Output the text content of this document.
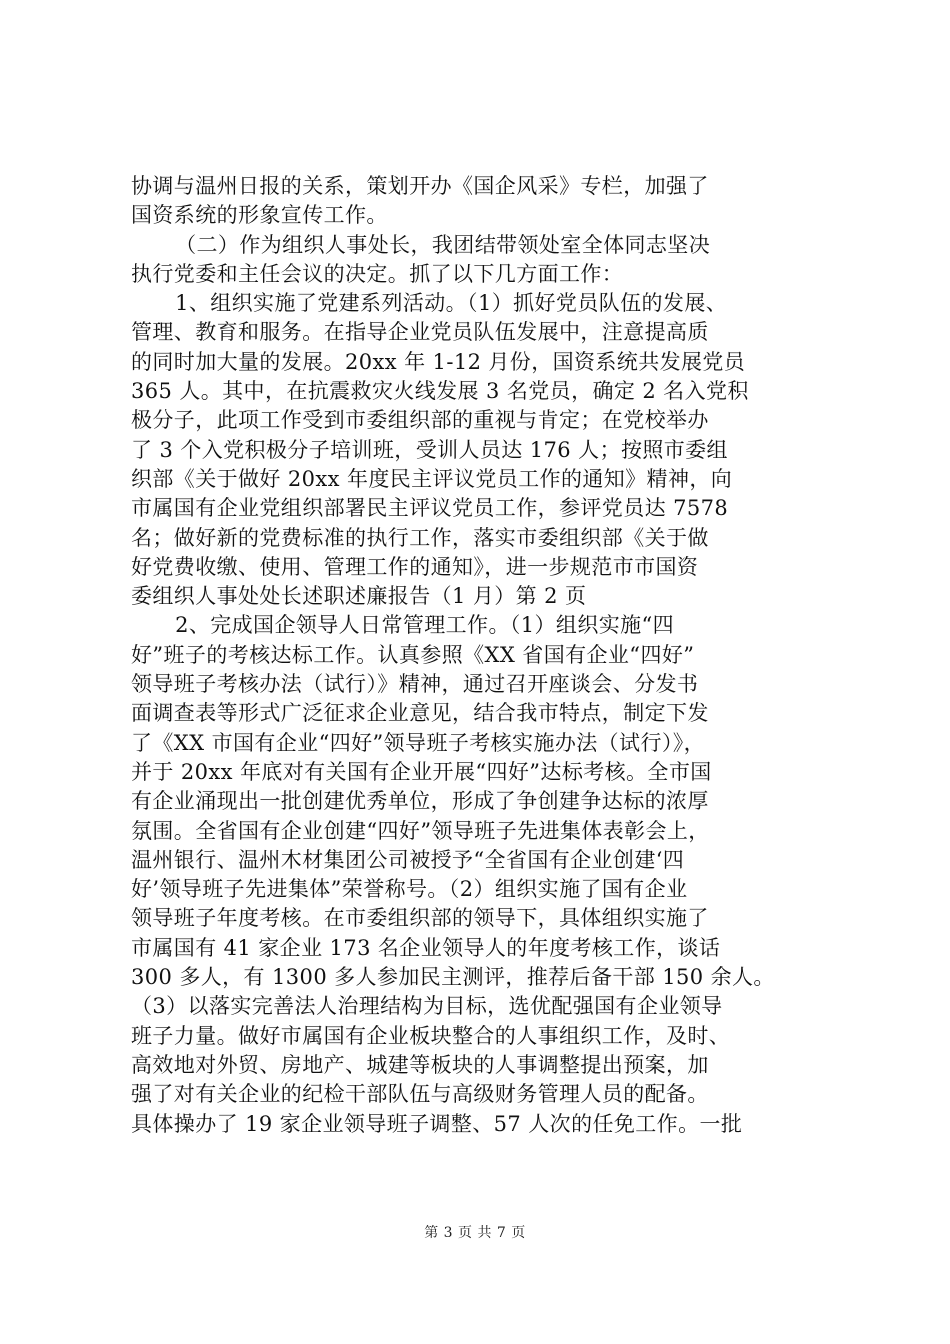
协调与温州日报的关系，策划开办《国企风采》专栏，加强了
国资系统的形象宣传工作。
（二）作为组织人事处长，我团结带领处室全体同志坚决
执行党委和主任会议的决定。抓了以下几方面工作：
1、组织实施了党建系列活动。（1）抓好党员队伍的发展、
管理、教育和服务。在指导企业党员队伍发展中，注意提高质
的同时加大量的发展。20xx 年 1-12 月份，国资系统共发展党员
365 人。其中，在抗震救灾火线发展 3 名党员，确定 2 名入党积
极分子，此项工作受到市委组织部的重视与肯定；在党校举办
了 3 个入党积极分子培训班，受训人员达 176 人；按照市委组
织部《关于做好 20xx 年度民主评议党员工作的通知》精神，向
市属国有企业党组织部署民主评议党员工作，参评党员达 7578
名；做好新的党费标准的执行工作，落实市委组织部《关于做
好党费收缴、使用、管理工作的通知》，进一步规范市市国资
委组织人事处处长述职述廉报告（1 月）第 2 页
2、完成国企领导人日常管理工作。（1）组织实施“四
好”班子的考核达标工作。认真参照《XX 省国有企业“四好”
领导班子考核办法（试行）》精神，通过召开座谈会、分发书
面调查表等形式广泛征求企业意见，结合我市特点，制定下发
了《XX 市国有企业“四好”领导班子考核实施办法（试行）》，
并于 20xx 年底对有关国有企业开展“四好”达标考核。全市国
有企业涌现出一批创建优秀单位，形成了争创建争达标的浓厚
氛围。全省国有企业创建“四好”领导班子先进集体表彰会上，
温州银行、温州木材集团公司被授予“全省国有企业创建‘四
好’领导班子先进集体”荣誉称号。（2）组织实施了国有企业
领导班子年度考核。在市委组织部的领导下，具体组织实施了
市属国有 41 家企业 173 名企业领导人的年度考核工作，谈话
300 多人，有 1300 多人参加民主测评，推荐后备干部 150 余人。
（3）以落实完善法人治理结构为目标，选优配强国有企业领导
班子力量。做好市属国有企业板块整合的人事组织工作，及时、
高效地对外贸、房地产、城建等板块的人事调整提出预案，加
强了对有关企业的纪检干部队伍与高级财务管理人员的配备。
具体操办了 19 家企业领导班子调整、57 人次的任免工作。一批
第 3 页 共 7 页
